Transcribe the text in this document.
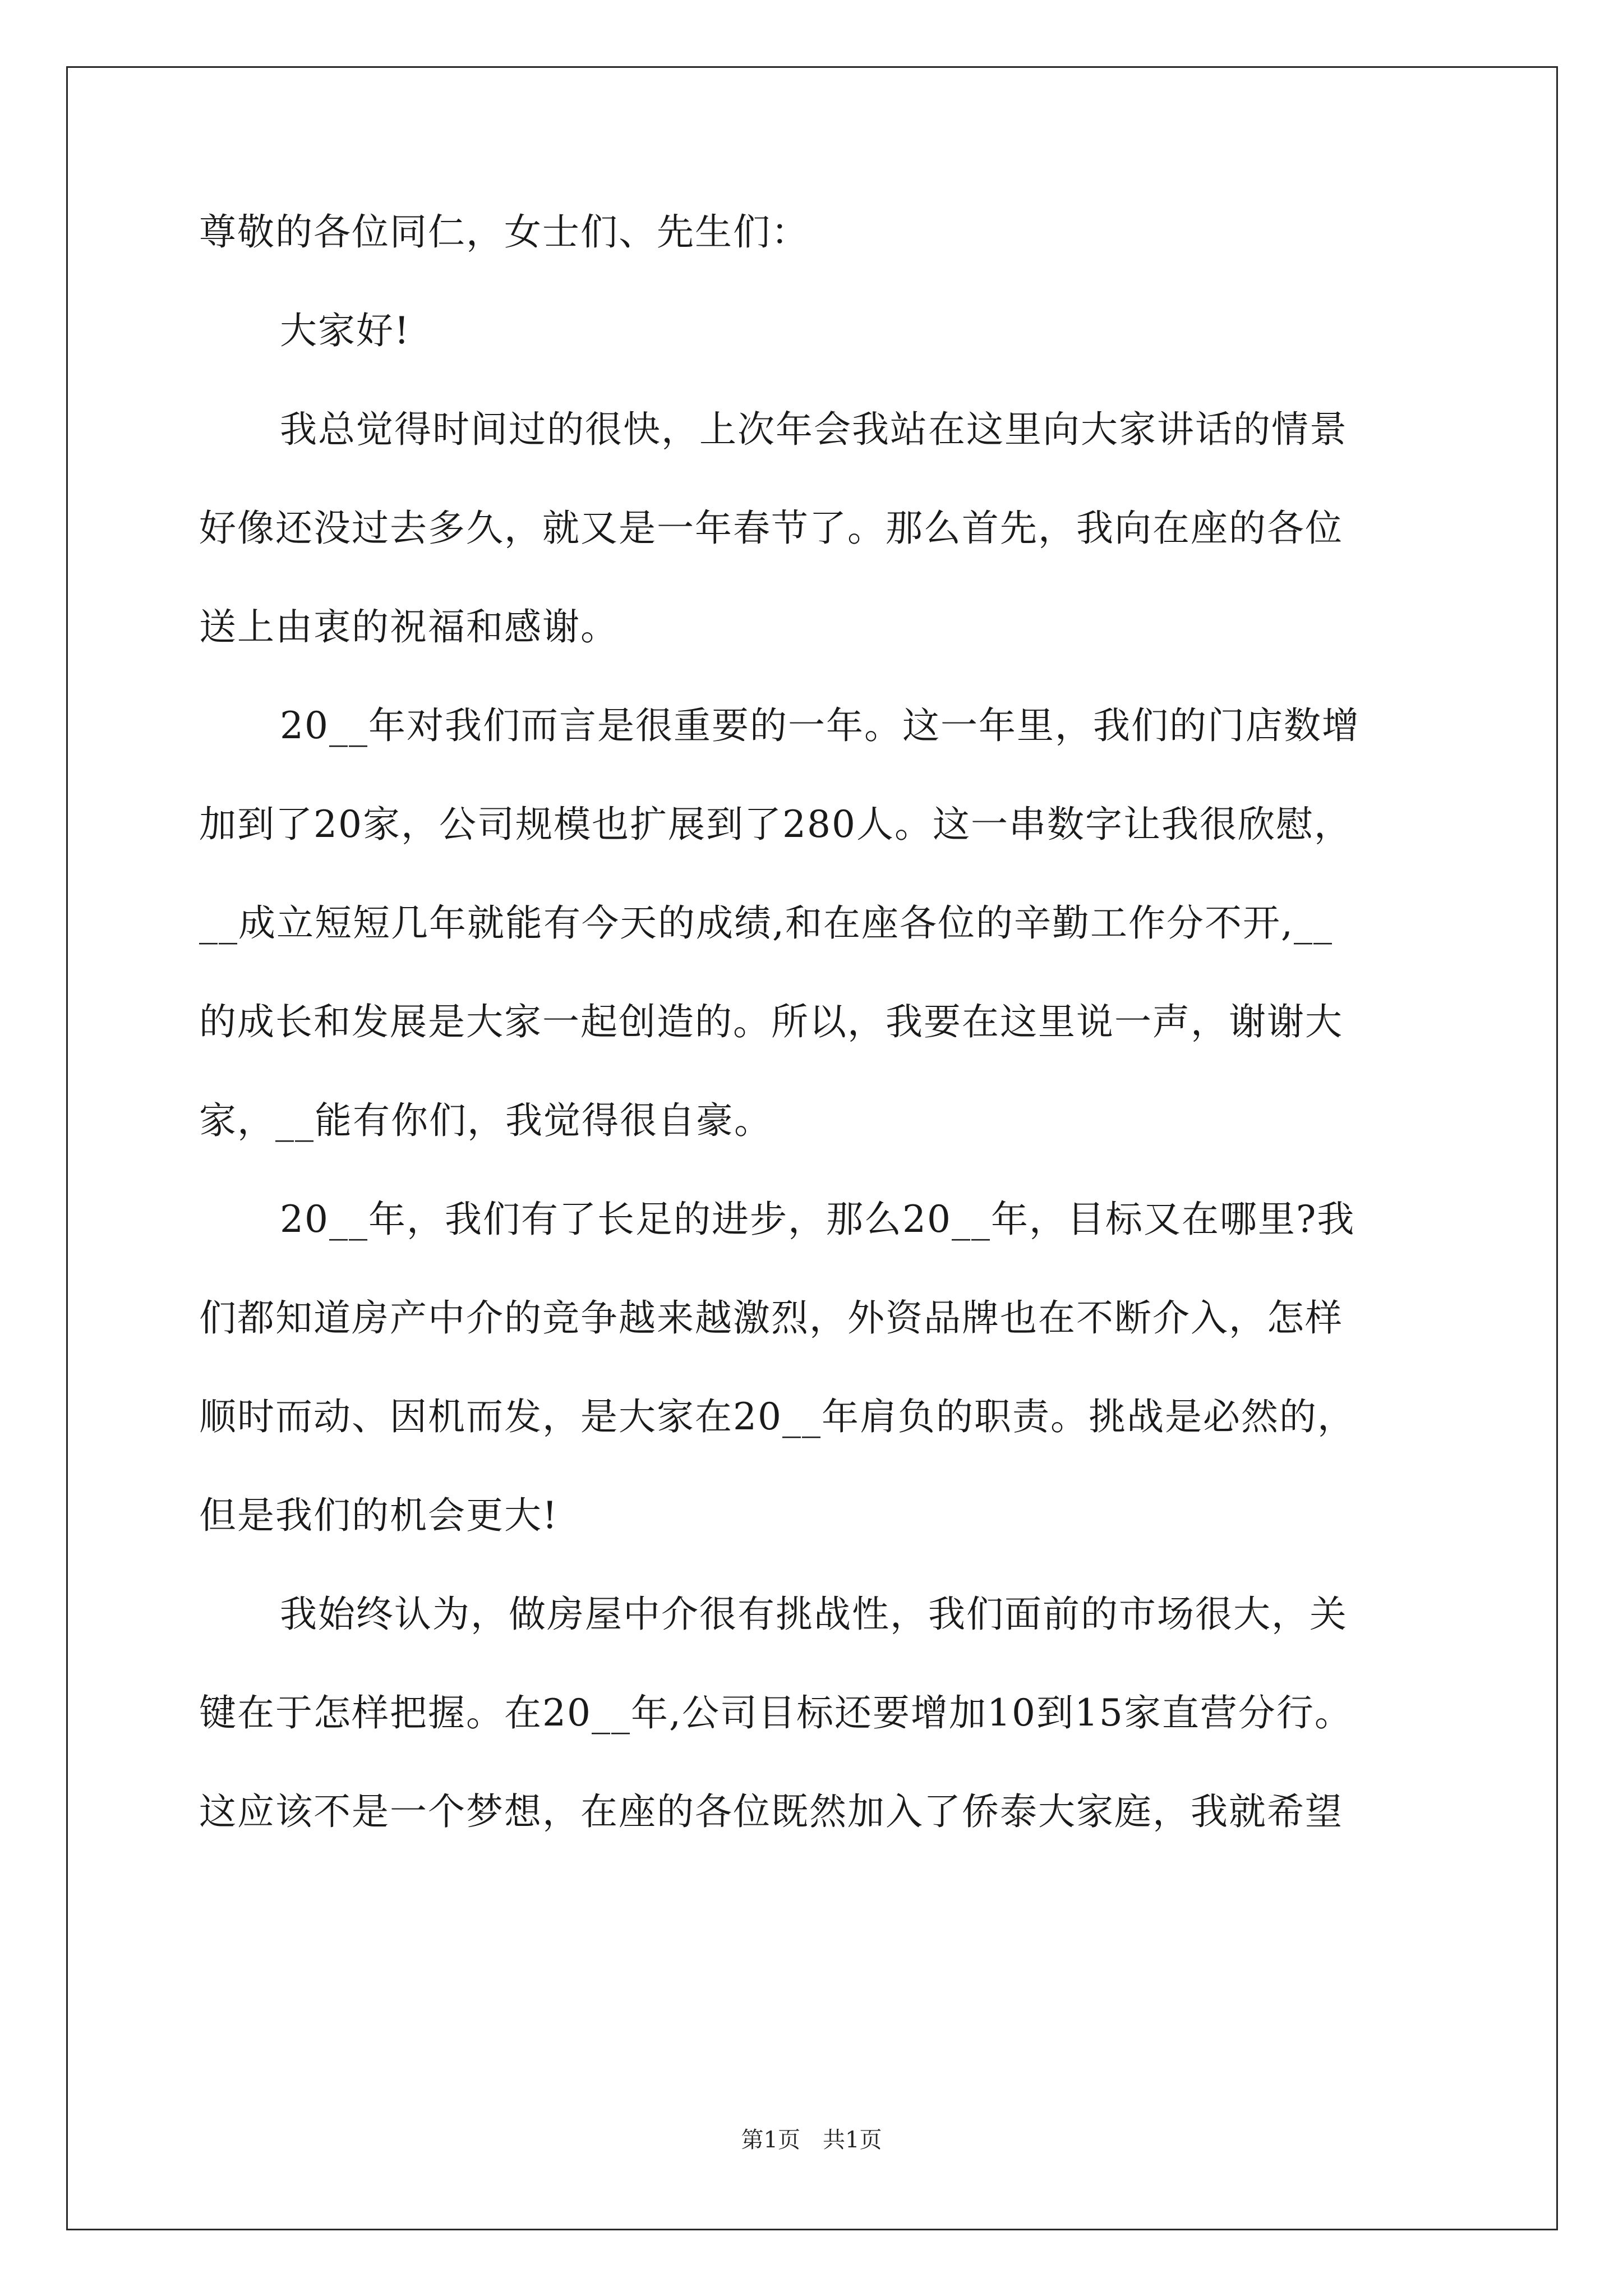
尊敬的各位同仁，女士们、先生们：
大家好!
我总觉得时间过的很快，上次年会我站在这里向大家讲话的情景
好像还没过去多久，就又是一年春节了。那么首先，我向在座的各位
送上由衷的祝福和感谢。
20__年对我们而言是很重要的一年。这一年里，我们的门店数增
加到了20家，公司规模也扩展到了280人。这一串数字让我很欣慰，
__成立短短几年就能有今天的成绩,和在座各位的辛勤工作分不开,__
的成长和发展是大家一起创造的。所以，我要在这里说一声，谢谢大
家，__能有你们，我觉得很自豪。
20__年，我们有了长足的进步，那么20__年，目标又在哪里?我
们都知道房产中介的竞争越来越激烈，外资品牌也在不断介入，怎样
顺时而动、因机而发，是大家在20__年肩负的职责。挑战是必然的，
但是我们的机会更大!
我始终认为，做房屋中介很有挑战性，我们面前的市场很大，关
键在于怎样把握。在20__年,公司目标还要增加10到15家直营分行。
这应该不是一个梦想，在座的各位既然加入了侨泰大家庭，我就希望
第1页　共1页
